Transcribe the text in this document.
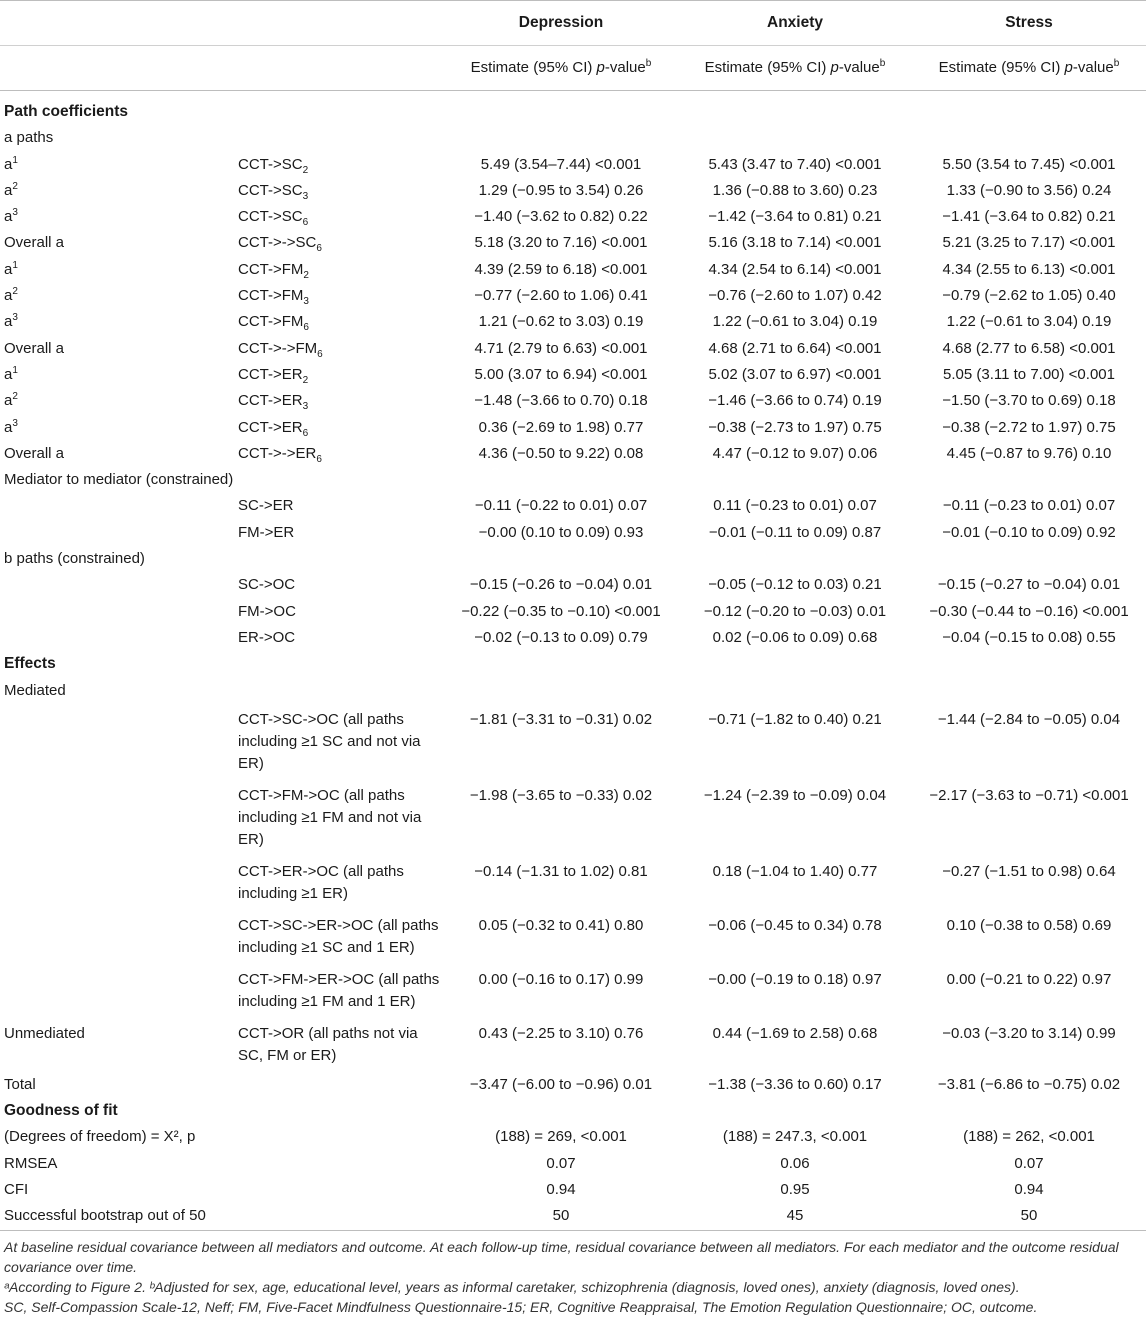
		Depression	Anxiety	Stress
		Estimate (95% CI) p-value$^b$	Estimate (95% CI) p-value$^b$	Estimate (95% CI) p-value$^b$
Path coefficients				
a paths				
$a^1$	CCT-$>SC_2$	5.49 (3.54–7.44) <0.001	5.43 (3.47 to 7.40) <0.001	5.50 (3.54 to 7.45) <0.001
$a^2$	CCT-$>SC_3$	1.29 (−0.95 to 3.54) 0.26	1.36 (−0.88 to 3.60) 0.23	1.33 (−0.90 to 3.56) 0.24
$a^3$	CCT-$>SC_6$	−1.40 (−3.62 to 0.82) 0.22	−1.42 (−3.64 to 0.81) 0.21	−1.41 (−3.64 to 0.82) 0.21
Overall a	CCT-$>->SC_6$	5.18 (3.20 to 7.16) <0.001	5.16 (3.18 to 7.14) <0.001	5.21 (3.25 to 7.17) <0.001
$a^1$	CCT-$>FM_2$	4.39 (2.59 to 6.18) <0.001	4.34 (2.54 to 6.14) <0.001	4.34 (2.55 to 6.13) <0.001
$a^2$	CCT-$>FM_3$	−0.77 (−2.60 to 1.06) 0.41	−0.76 (−2.60 to 1.07) 0.42	−0.79 (−2.62 to 1.05) 0.40
$a^3$	CCT-$>FM_6$	1.21 (−0.62 to 3.03) 0.19	1.22 (−0.61 to 3.04) 0.19	1.22 (−0.61 to 3.04) 0.19
Overall a	CCT-$>->FM_6$	4.71 (2.79 to 6.63) <0.001	4.68 (2.71 to 6.64) <0.001	4.68 (2.77 to 6.58) <0.001
$a^1$	CCT-$>ER_2$	5.00 (3.07 to 6.94) <0.001	5.02 (3.07 to 6.97) <0.001	5.05 (3.11 to 7.00) <0.001
$a^2$	CCT-$>ER_3$	−1.48 (−3.66 to 0.70) 0.18	−1.46 (−3.66 to 0.74) 0.19	−1.50 (−3.70 to 0.69) 0.18
$a^3$	CCT-$>ER_6$	0.36 (−2.69 to 1.98) 0.77	−0.38 (−2.73 to 1.97) 0.75	−0.38 (−2.72 to 1.97) 0.75
Overall a	CCT-$>->ER_6$	4.36 (−0.50 to 9.22) 0.08	4.47 (−0.12 to 9.07) 0.06	4.45 (−0.87 to 9.76) 0.10
Mediator to mediator (constrained)				
	SC->ER	−0.11 (−0.22 to 0.01) 0.07	0.11 (−0.23 to 0.01) 0.07	−0.11 (−0.23 to 0.01) 0.07
	FM->ER	−0.00 (0.10 to 0.09) 0.93	−0.01 (−0.11 to 0.09) 0.87	−0.01 (−0.10 to 0.09) 0.92
b paths (constrained)				
	SC->OC	−0.15 (−0.26 to −0.04) 0.01	−0.05 (−0.12 to 0.03) 0.21	−0.15 (−0.27 to −0.04) 0.01
	FM->OC	−0.22 (−0.35 to −0.10) <0.001	−0.12 (−0.20 to −0.03) 0.01	−0.30 (−0.44 to −0.16) <0.001
	ER->OC	−0.02 (−0.13 to 0.09) 0.79	0.02 (−0.06 to 0.09) 0.68	−0.04 (−0.15 to 0.08) 0.55
Effects				
Mediated				
	CCT->SC->OC (all paths including ≥1 SC and not via ER)	−1.81 (−3.31 to −0.31) 0.02	−0.71 (−1.82 to 0.40) 0.21	−1.44 (−2.84 to −0.05) 0.04
	CCT->FM->OC (all paths including ≥1 FM and not via ER)	−1.98 (−3.65 to −0.33) 0.02	−1.24 (−2.39 to −0.09) 0.04	−2.17 (−3.63 to −0.71) <0.001
	CCT->ER->OC (all paths including ≥1 ER)	−0.14 (−1.31 to 1.02) 0.81	0.18 (−1.04 to 1.40) 0.77	−0.27 (−1.51 to 0.98) 0.64
	CCT->SC->ER->OC (all paths including ≥1 SC and 1 ER)	0.05 (−0.32 to 0.41) 0.80	−0.06 (−0.45 to 0.34) 0.78	0.10 (−0.38 to 0.58) 0.69
	CCT->FM->ER->OC (all paths including ≥1 FM and 1 ER)	0.00 (−0.16 to 0.17) 0.99	−0.00 (−0.19 to 0.18) 0.97	0.00 (−0.21 to 0.22) 0.97
Unmediated	CCT->OR (all paths not via SC, FM or ER)	0.43 (−2.25 to 3.10) 0.76	0.44 (−1.69 to 2.58) 0.68	−0.03 (−3.20 to 3.14) 0.99
Total		−3.47 (−6.00 to −0.96) 0.01	−1.38 (−3.36 to 0.60) 0.17	−3.81 (−6.86 to −0.75) 0.02
Goodness of fit				
(Degrees of freedom) = X², p		(188) = 269, <0.001	(188) = 247.3, <0.001	(188) = 262, <0.001
RMSEA		0.07	0.06	0.07
CFI		0.94	0.95	0.94
Successful bootstrap out of 50		50	45	50
At baseline residual covariance between all mediators and outcome. At each follow-up time, residual covariance between all mediators. For each mediator and the outcome residual covariance over time.
ᵃAccording to Figure 2. ᵇAdjusted for sex, age, educational level, years as informal caretaker, schizophrenia (diagnosis, loved ones), anxiety (diagnosis, loved ones).
SC, Self-Compassion Scale-12, Neff; FM, Five-Facet Mindfulness Questionnaire-15; ER, Cognitive Reappraisal, The Emotion Regulation Questionnaire; OC, outcome.
